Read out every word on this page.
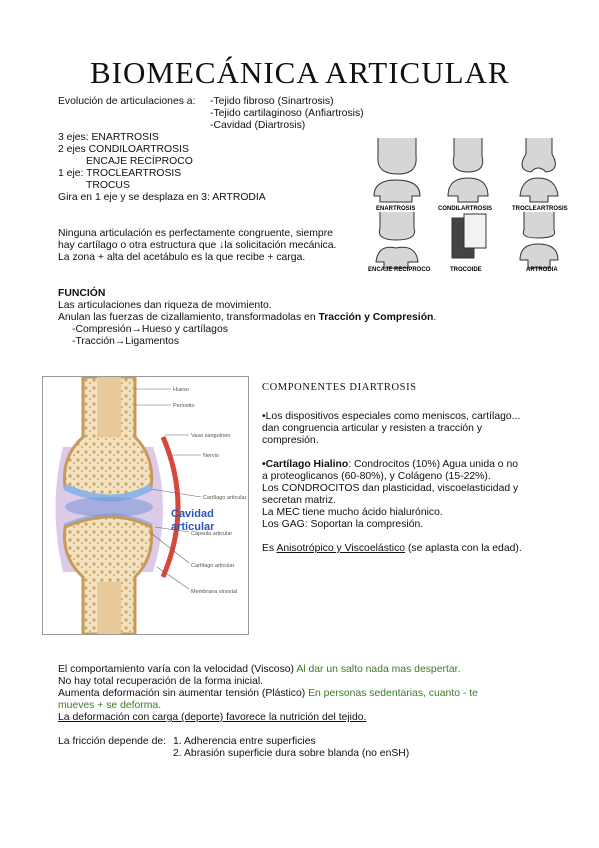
BIOMECÁNICA ARTICULAR
Evolución de articulaciones a: -Tejido fibroso (Sinartrosis)
-Tejido cartilaginoso (Anfiartrosis)
-Cavidad (Diartrosis)
3 ejes: ENARTROSIS
2 ejes CONDILOARTROSIS
ENCAJE RECÍPROCO
1 eje: TROCLEARTROSIS
TROCUS
Gira en 1 eje y se desplaza en 3: ARTRODIA
Ninguna articulación es perfectamente congruente, siempre
hay cartílago o otra estructura que ↓la solicitación mecánica.
La zona + alta del acetábulo es la que recibe + carga.
ENARTROSIS	CONDILARTROSIS	TROCLEARTROSIS
ENCAJE RECIPROCO	TROCOIDE	ARTRODIA
FUNCIÓN
Las articulaciones dan riqueza de movimiento.
Anulan las fuerzas de cizallamiento, transformadolas en Tracción y Compresión.
-Compresión→Hueso y cartílagos
-Tracción→Ligamentos
Hueso
Periostio
Vaso sanguíneo
Nervio
Cartílago articular
Cápsula articular
Cartílago articular
Membrana sinovial
Cavidad
articular
COMPONENTES DIARTROSIS
•Los dispositivos especiales como meniscos, cartílago...
dan congruencia articular y resisten a tracción y
compresión.
•Cartílago Hialino: Condrocitos (10%) Agua unida o no
a proteoglicanos (60-80%), y Colágeno (15-22%).
Los CONDROCITOS dan plasticidad, viscoelasticidad y
secretan matriz.
La MEC tiene mucho ácido hialurónico.
Los GAG: Soportan la compresión.
Es Anisotrópico y Viscoelástico (se aplasta con la edad).
El comportamiento varía con la velocidad (Viscoso) Al dar un salto nada mas despertar.
No hay total recuperación de la forma inicial.
Aumenta deformación sin aumentar tensión (Plástico) En personas sedentarias, cuanto - te
mueves + se deforma.
La deformación con carga (deporte) favorece la nutrición del tejido.
La fricción depende de: 1. Adherencia entre superficies
2. Abrasión superficie dura sobre blanda (no enSH)
